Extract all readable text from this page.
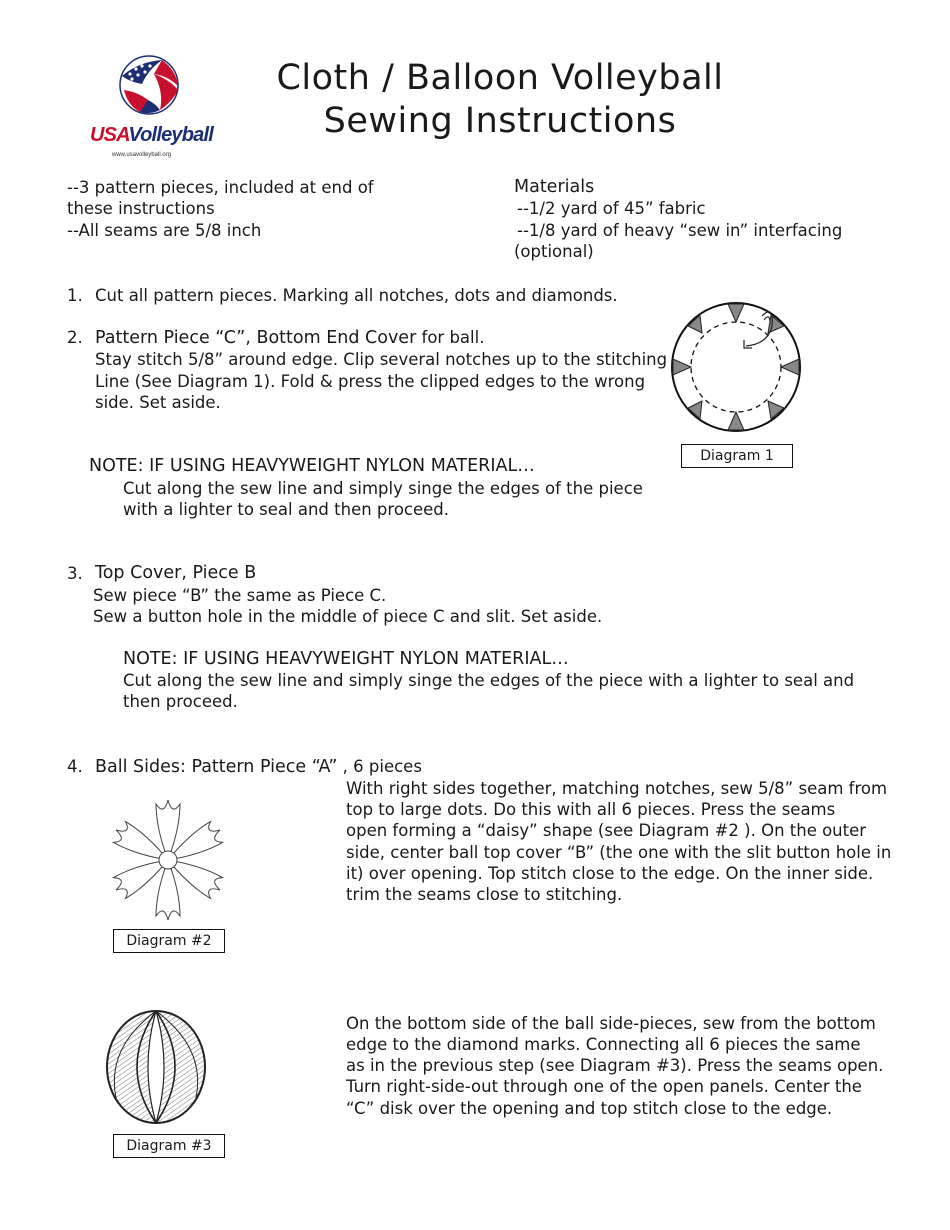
USAVolleyball
www.usavolleyball.org
Cloth / Balloon Volleyball
Sewing Instructions
--3 pattern pieces, included at end of
these instructions
--All seams are 5/8 inch
Materials
--1/2 yard of 45” fabric
--1/8 yard of heavy “sew in” interfacing
(optional)
1. Cut all pattern pieces. Marking all notches, dots and diamonds.
2. Pattern Piece “C”, Bottom End Cover for ball.
Stay stitch 5/8” around edge. Clip several notches up to the stitching
Line (See Diagram 1). Fold & press the clipped edges to the wrong
side. Set aside.
NOTE: IF USING HEAVYWEIGHT NYLON MATERIAL…
Cut along the sew line and simply singe the edges of the piece
with a lighter to seal and then proceed.
Diagram 1
3. Top Cover, Piece B
Sew piece “B” the same as Piece C.
Sew a button hole in the middle of piece C and slit. Set aside.
NOTE: IF USING HEAVYWEIGHT NYLON MATERIAL…
Cut along the sew line and simply singe the edges of the piece with a lighter to seal and
then proceed.
4. Ball Sides: Pattern Piece “A” , 6 pieces
With right sides together, matching notches, sew 5/8” seam from
top to large dots. Do this with all 6 pieces. Press the seams
open forming a “daisy” shape (see Diagram #2 ). On the outer
side, center ball top cover “B” (the one with the slit button hole in
it) over opening. Top stitch close to the edge. On the inner side.
trim the seams close to stitching.
Diagram #2
On the bottom side of the ball side-pieces, sew from the bottom
edge to the diamond marks. Connecting all 6 pieces the same
as in the previous step (see Diagram #3). Press the seams open.
Turn right-side-out through one of the open panels. Center the
“C” disk over the opening and top stitch close to the edge.
Diagram #3
